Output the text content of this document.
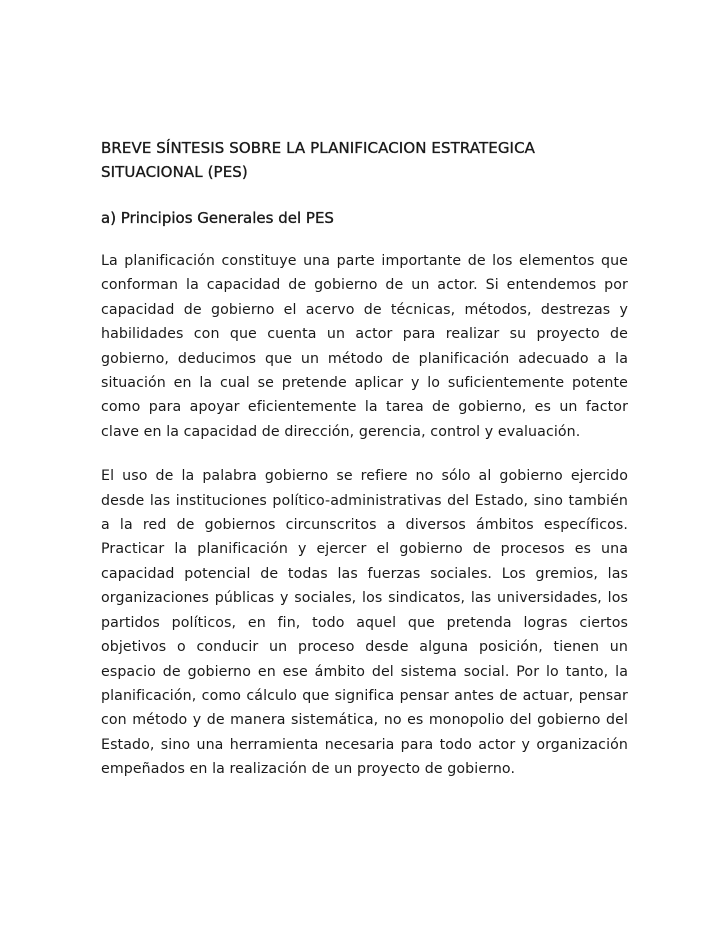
BREVE SÍNTESIS SOBRE LA PLANIFICACION ESTRATEGICA SITUACIONAL (PES)
a) Principios Generales del PES

La planificación constituye una parte importante de los elementos que conforman la capacidad de gobierno de un actor. Si entendemos por capacidad de gobierno el acervo de técnicas, métodos, destrezas y habilidades con que cuenta un actor para realizar su proyecto de gobierno, deducimos que un método de planificación adecuado a la situación en la cual se pretende aplicar y lo suficientemente potente como para apoyar eficientemente la tarea de gobierno, es un factor clave en la capacidad de dirección, gerencia, control y evaluación.

El uso de la palabra gobierno se refiere no sólo al gobierno ejercido desde las instituciones político-administrativas del Estado, sino también a la red de gobiernos circunscritos a diversos ámbitos específicos. Practicar la planificación y ejercer el gobierno de procesos es una capacidad potencial de todas las fuerzas sociales. Los gremios, las organizaciones públicas y sociales, los sindicatos, las universidades, los partidos políticos, en fin, todo aquel que pretenda logras ciertos objetivos o conducir un proceso desde alguna posición, tienen un espacio de gobierno en ese ámbito del sistema social. Por lo tanto, la planificación, como cálculo que significa pensar antes de actuar, pensar con método y de manera sistemática, no es monopolio del gobierno del Estado, sino una herramienta necesaria para todo actor y organización empeñados en la realización de un proyecto de gobierno.
